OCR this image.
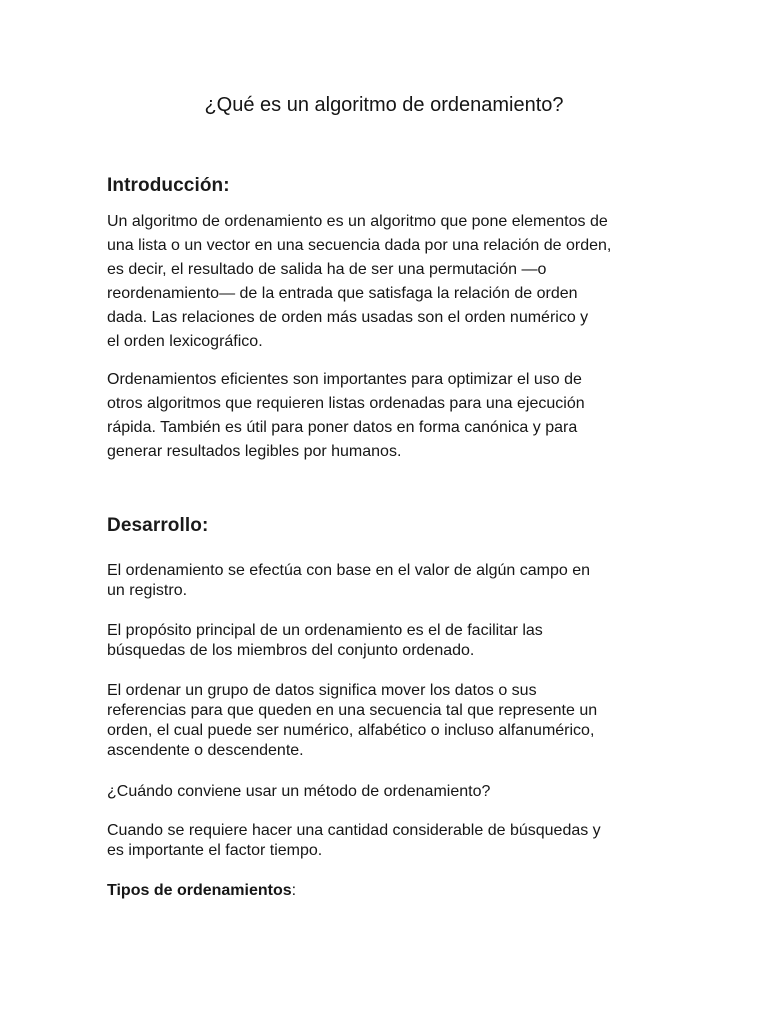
¿Qué es un algoritmo de ordenamiento?
Introducción:

Un algoritmo de ordenamiento es un algoritmo que pone elementos de
una lista o un vector en una secuencia dada por una relación de orden,
es decir, el resultado de salida ha de ser una permutación —o
reordenamiento— de la entrada que satisfaga la relación de orden
dada. Las relaciones de orden más usadas son el orden numérico y
el orden lexicográfico.

Ordenamientos eficientes son importantes para optimizar el uso de
otros algoritmos que requieren listas ordenadas para una ejecución
rápida. También es útil para poner datos en forma canónica y para
generar resultados legibles por humanos.

Desarrollo:

El ordenamiento se efectúa con base en el valor de algún campo en
un registro.

El propósito principal de un ordenamiento es el de facilitar las
búsquedas de los miembros del conjunto ordenado.

El ordenar un grupo de datos significa mover los datos o sus
referencias para que queden en una secuencia tal que represente un
orden, el cual puede ser numérico, alfabético o incluso alfanumérico,
ascendente o descendente.

¿Cuándo conviene usar un método de ordenamiento?

Cuando se requiere hacer una cantidad considerable de búsquedas y
es importante el factor tiempo.

Tipos de ordenamientos:
